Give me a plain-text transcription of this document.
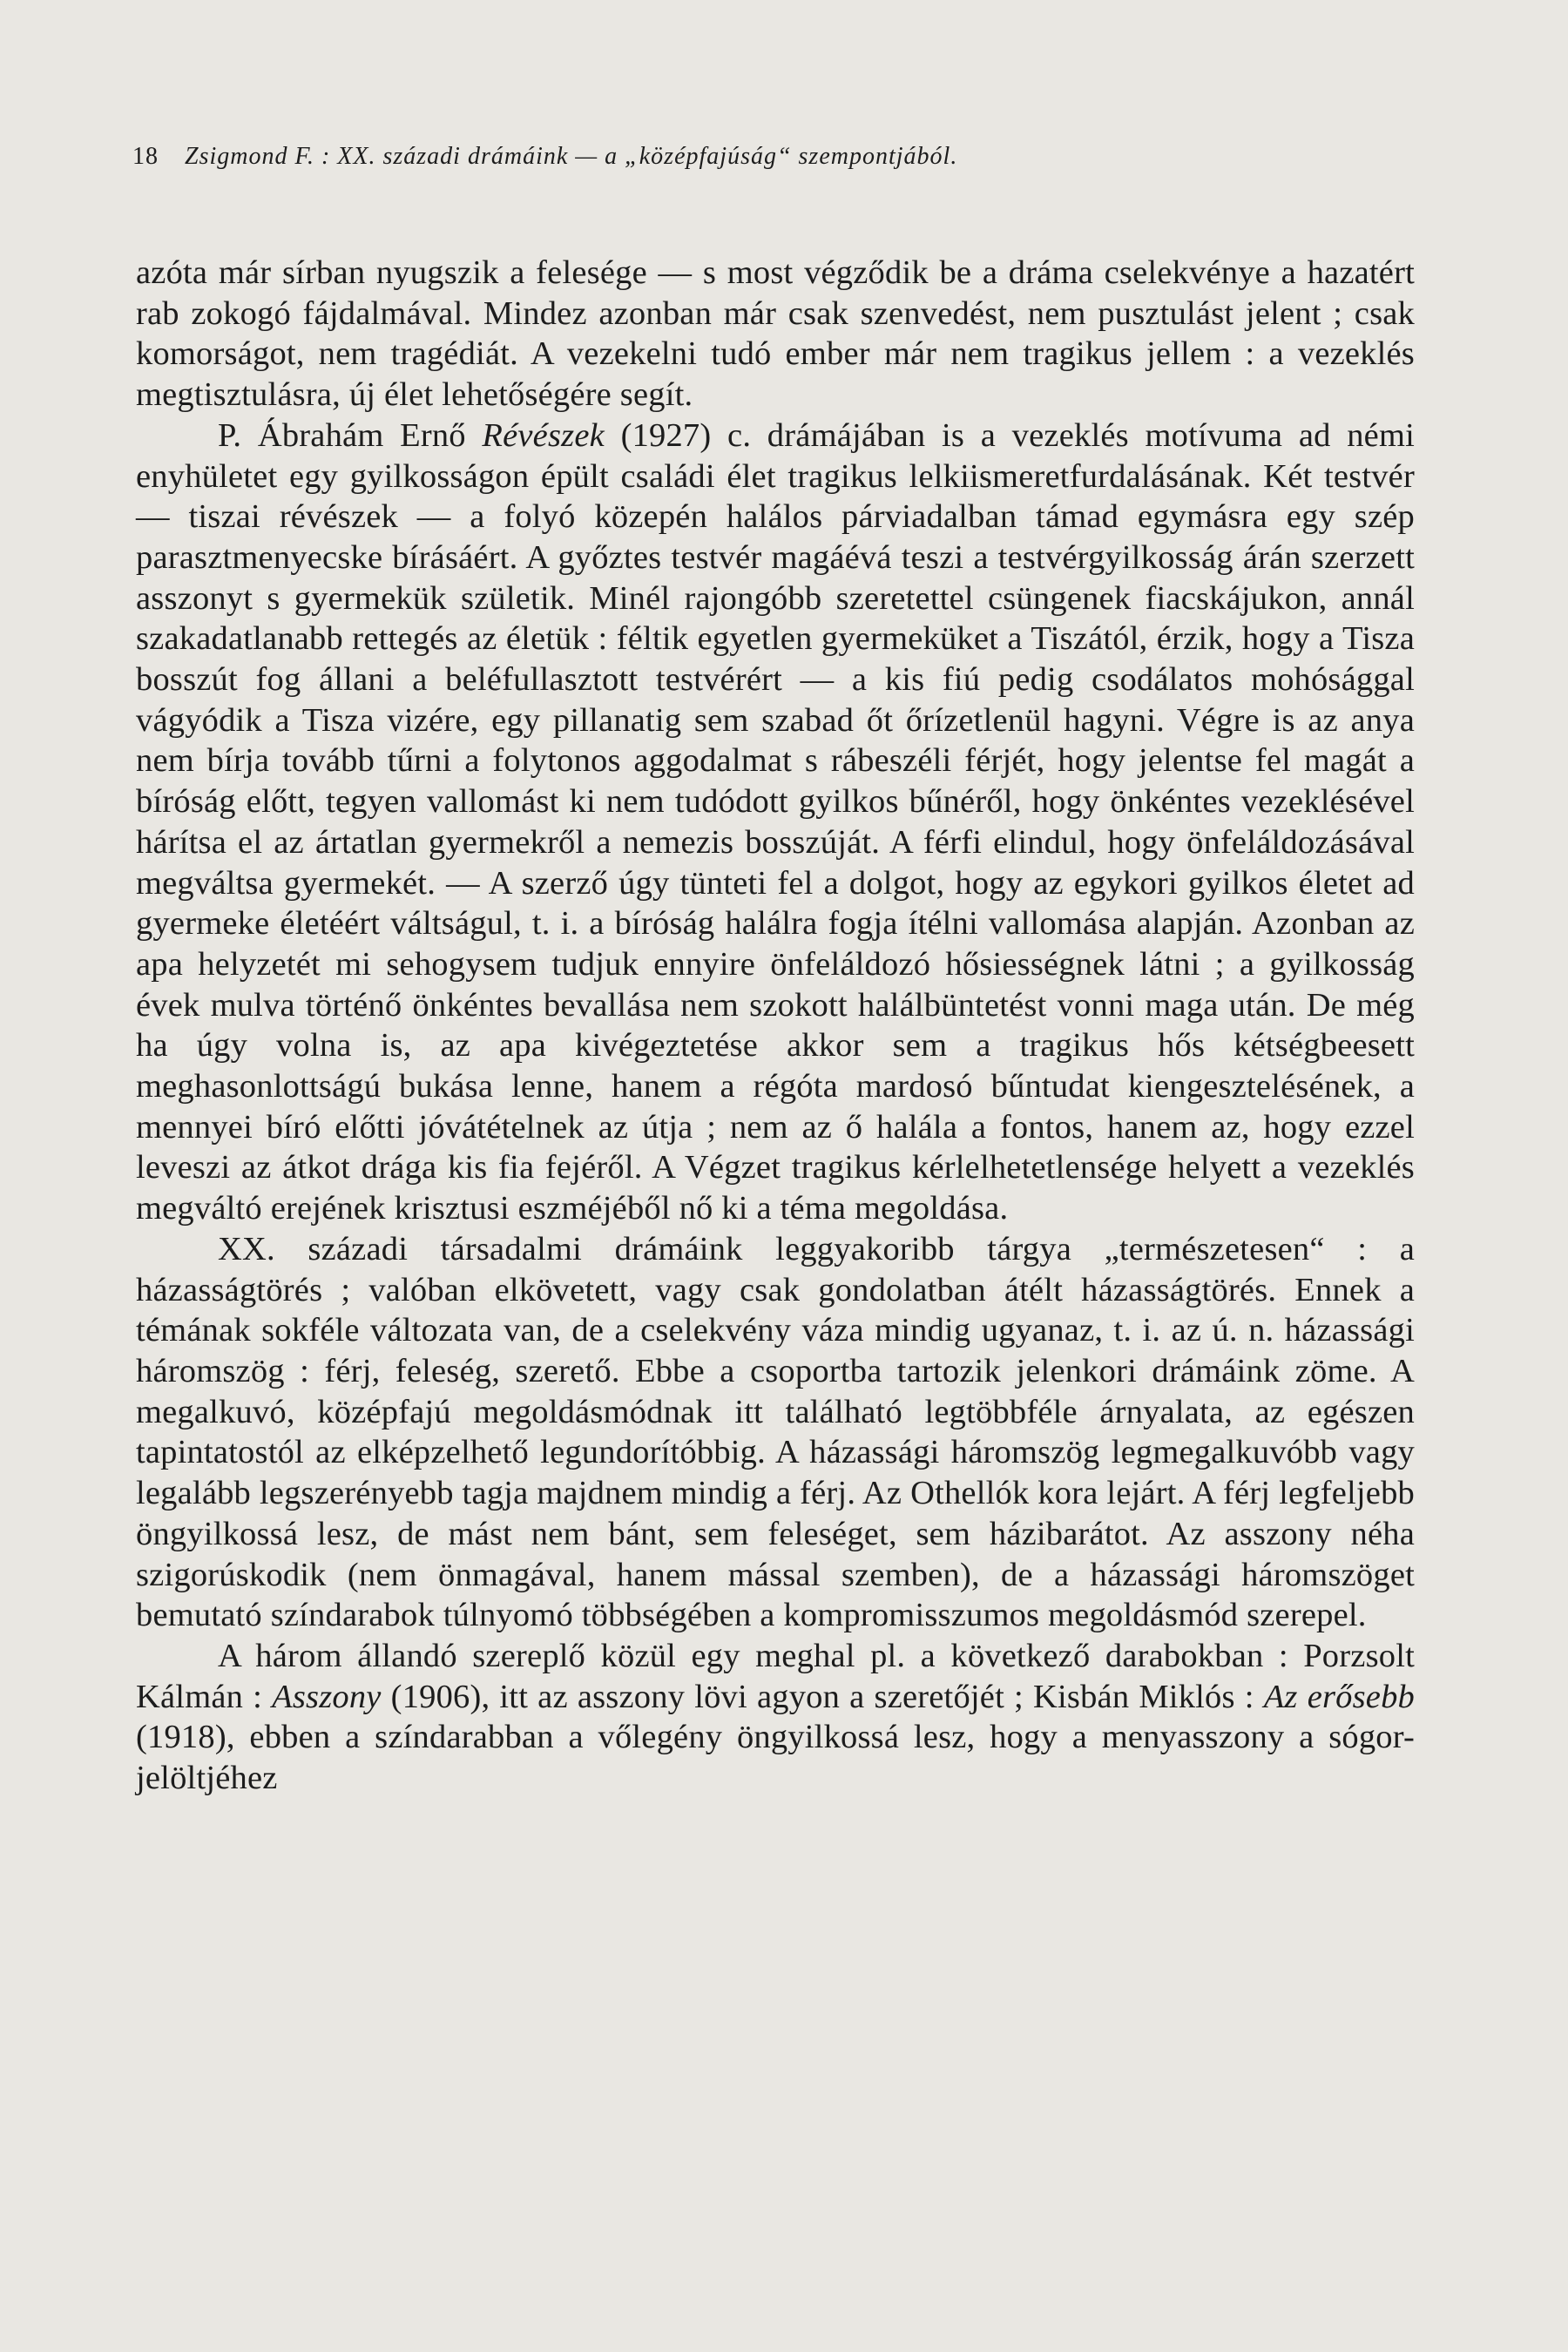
18 Zsigmond F. : XX. századi drámáink — a „középfajúság“ szempontjából.

azóta már sírban nyugszik a felesége — s most végződik be a dráma cselekvénye a hazatért rab zokogó fájdalmával. Mindez azonban már csak szenvedést, nem pusztulást jelent ; csak komorságot, nem tragédiát. A vezekelni tudó ember már nem tragikus jellem : a vezeklés megtisztulásra, új élet lehetőségére segít.

P. Ábrahám Ernő Révészek (1927) c. drámájában is a vezeklés motívuma ad némi enyhületet egy gyilkosságon épült családi élet tragikus lelkiismeretfurdalásának. Két testvér — tiszai révészek — a folyó közepén halálos párviadalban támad egymásra egy szép parasztmenyecske bírásáért. A győztes testvér magáévá teszi a testvérgyilkosság árán szerzett asszonyt s gyermekük születik. Minél rajongóbb szeretettel csüngenek fiacskájukon, annál szakadatlanabb rettegés az életük : féltik egyetlen gyermeküket a Tiszától, érzik, hogy a Tisza bosszút fog állani a beléfullasztott testvérért — a kis fiú pedig csodálatos mohósággal vágyódik a Tisza vizére, egy pillanatig sem szabad őt őrízetlenül hagyni. Végre is az anya nem bírja tovább tűrni a folytonos aggodalmat s rábeszéli férjét, hogy jelentse fel magát a bíróság előtt, tegyen vallomást ki nem tudódott gyilkos bűnéről, hogy önkéntes vezeklésével hárítsa el az ártatlan gyermekről a nemezis bosszúját. A férfi elindul, hogy önfeláldozásával megváltsa gyermekét. — A szerző úgy tünteti fel a dolgot, hogy az egykori gyilkos életet ad gyermeke életéért váltságul, t. i. a bíróság halálra fogja ítélni vallomása alapján. Azonban az apa helyzetét mi sehogysem tudjuk ennyire önfeláldozó hősiességnek látni ; a gyilkosság évek mulva történő önkéntes bevallása nem szokott halálbüntetést vonni maga után. De még ha úgy volna is, az apa kivégeztetése akkor sem a tragikus hős kétségbeesett meghasonlottságú bukása lenne, hanem a régóta mardosó bűntudat kiengesztelésének, a mennyei bíró előtti jóvátételnek az útja ; nem az ő halála a fontos, hanem az, hogy ezzel leveszi az átkot drága kis fia fejéről. A Végzet tragikus kérlelhetetlensége helyett a vezeklés megváltó erejének krisztusi eszméjéből nő ki a téma megoldása.

XX. századi társadalmi drámáink leggyakoribb tárgya „természetesen“ : a házasságtörés ; valóban elkövetett, vagy csak gondolatban átélt házasságtörés. Ennek a témának sokféle változata van, de a cselekvény váza mindig ugyanaz, t. i. az ú. n. házassági háromszög : férj, feleség, szerető. Ebbe a csoportba tartozik jelenkori drámáink zöme. A megalkuvó, középfajú megoldásmódnak itt található legtöbbféle árnyalata, az egészen tapintatostól az elképzelhető legundorítóbbig. A házassági háromszög legmegalkuvóbb vagy legalább legszerényebb tagja majdnem mindig a férj. Az Othellók kora lejárt. A férj legfeljebb öngyilkossá lesz, de mást nem bánt, sem feleséget, sem házibarátot. Az asszony néha szigorúskodik (nem önmagával, hanem mással szemben), de a házassági háromszöget bemutató színdarabok túlnyomó többségében a kompromisszumos megoldásmód szerepel.

A három állandó szereplő közül egy meghal pl. a következő darabokban : Porzsolt Kálmán : Asszony (1906), itt az asszony lövi agyon a szeretőjét ; Kisbán Miklós : Az erősebb (1918), ebben a színdarabban a vőlegény öngyilkossá lesz, hogy a menyasszony a sógor-jelöltjéhez
